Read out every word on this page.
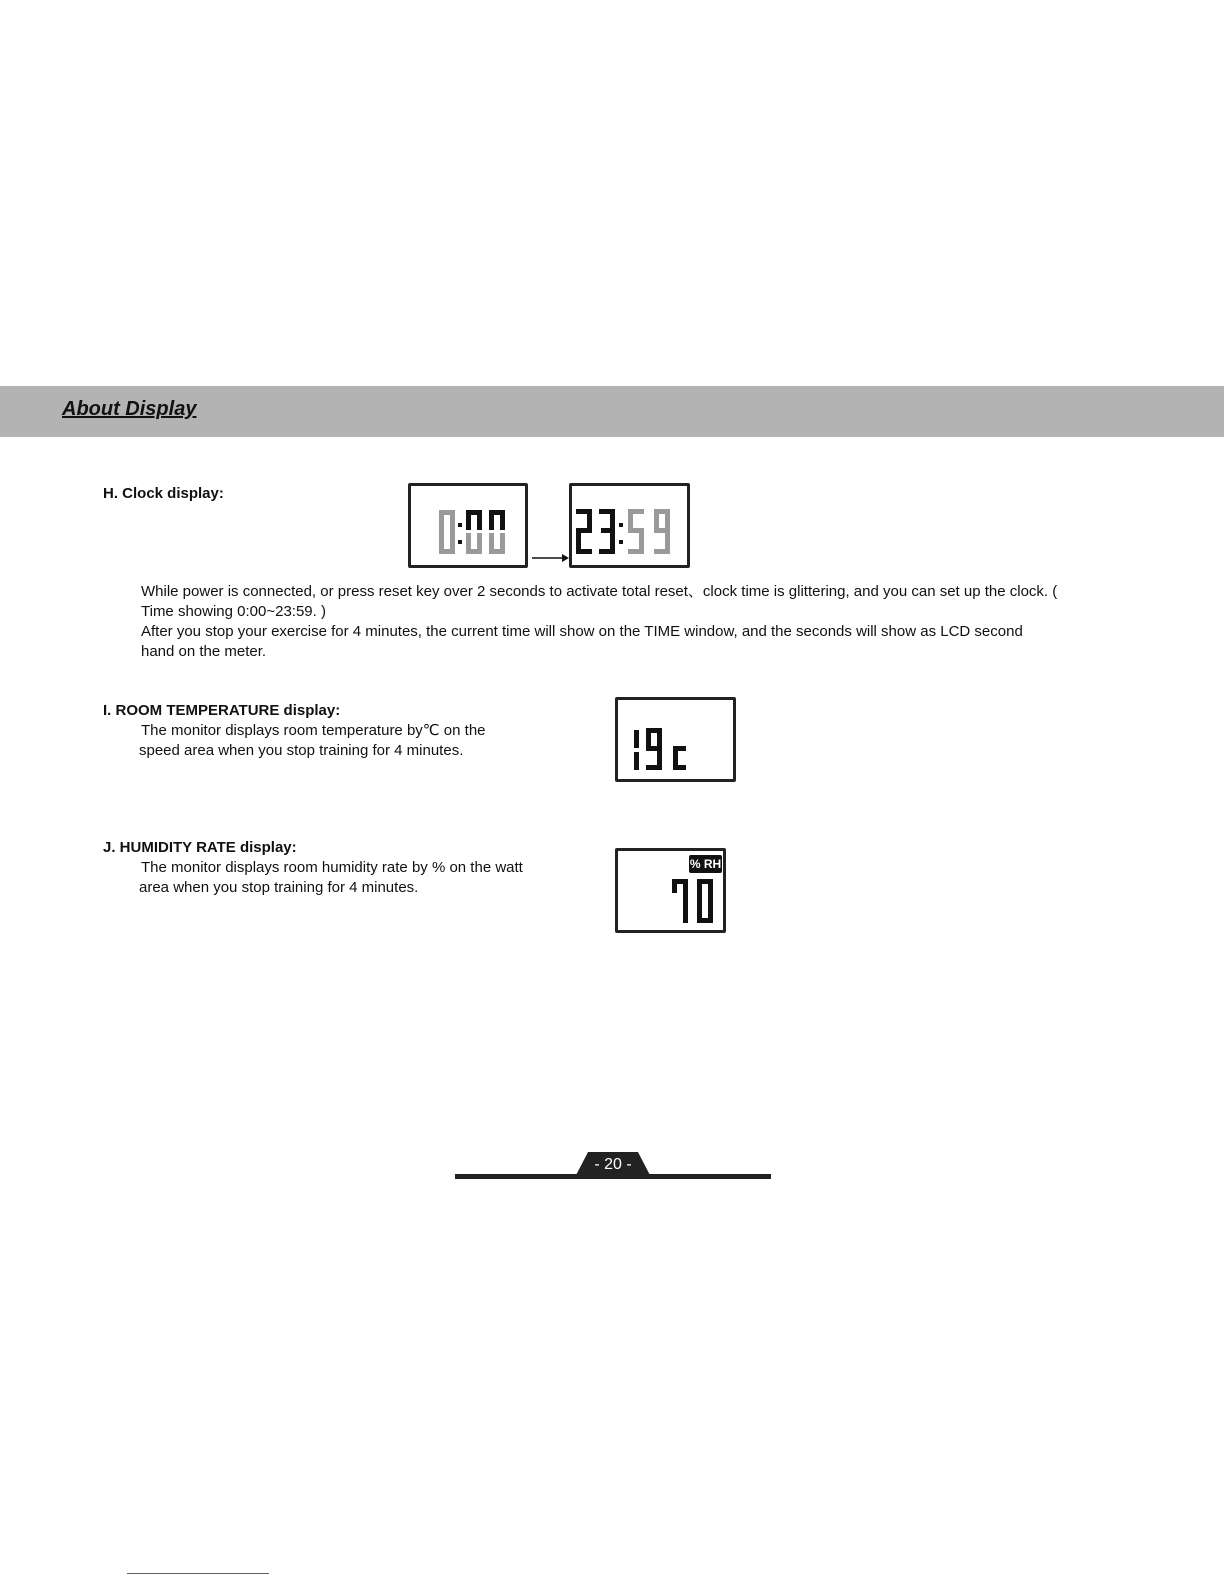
About Display
H. Clock display:
While power is connected, or press reset key over 2 seconds to activate total reset、clock time is glittering, and you can set up the clock. (
Time showing 0:00~23:59. )
After you stop your exercise for 4 minutes, the current time will show on the TIME window, and the seconds will show as LCD second
hand on the meter.
I. ROOM TEMPERATURE display:
The monitor displays room temperature by℃ on the
speed area when you stop training for 4 minutes.
J. HUMIDITY RATE display:
The monitor displays room humidity rate by % on the watt
area when you stop training for 4 minutes.
% RH
- 20 -
